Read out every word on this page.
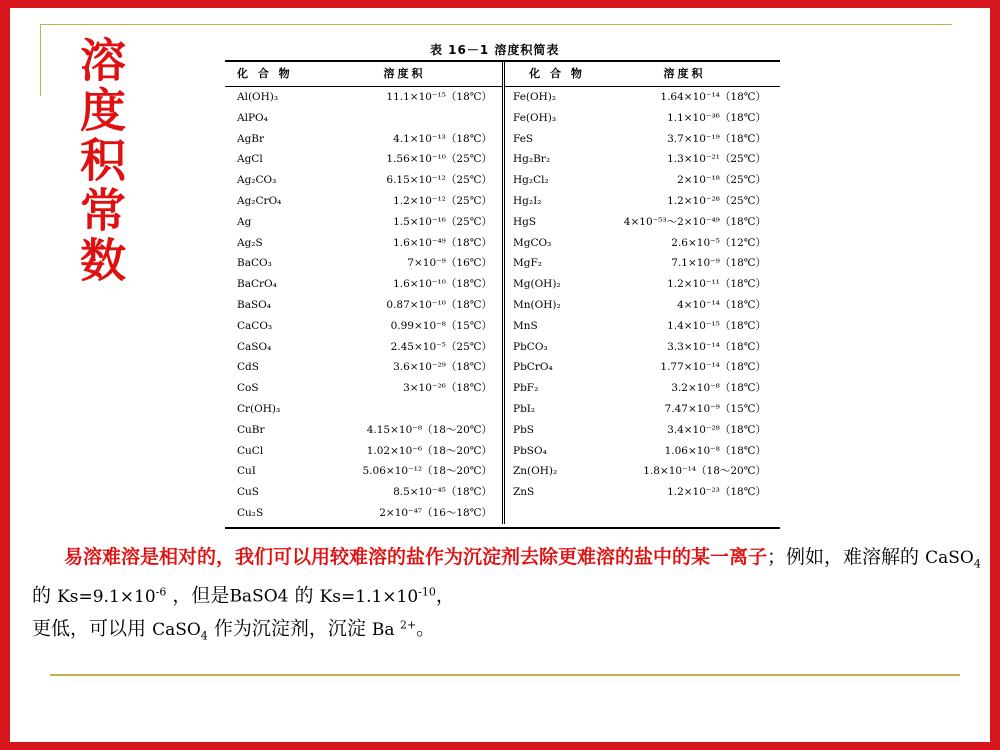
溶度积常数	表 16－1 溶度积简表
化 合 物	溶度积	化 合 物	溶度积
Al(OH)₃	11.1×10⁻¹⁵（18℃）	Fe(OH)₂	1.64×10⁻¹⁴（18℃）
AlPO₄		Fe(OH)₃	1.1×10⁻³⁶（18℃）
AgBr	4.1×10⁻¹³（18℃）	FeS	3.7×10⁻¹⁹（18℃）
AgCl	1.56×10⁻¹⁰（25℃）	Hg₂Br₂	1.3×10⁻²¹（25℃）
Ag₂CO₃	6.15×10⁻¹²（25℃）	Hg₂Cl₂	2×10⁻¹⁸（25℃）
Ag₂CrO₄	1.2×10⁻¹²（25℃）	Hg₂I₂	1.2×10⁻²⁸（25℃）
Ag	1.5×10⁻¹⁶（25℃）	HgS	4×10⁻⁵³～2×10⁻⁴⁹（18℃）
Ag₂S	1.6×10⁻⁴⁹（18℃）	MgCO₃	2.6×10⁻⁵（12℃）
BaCO₃	7×10⁻⁹（16℃）	MgF₂	7.1×10⁻⁹（18℃）
BaCrO₄	1.6×10⁻¹⁰（18℃）	Mg(OH)₂	1.2×10⁻¹¹（18℃）
BaSO₄	0.87×10⁻¹⁰（18℃）	Mn(OH)₂	4×10⁻¹⁴（18℃）
CaCO₃	0.99×10⁻⁸（15℃）	MnS	1.4×10⁻¹⁵（18℃）
CaSO₄	2.45×10⁻⁵（25℃）	PbCO₃	3.3×10⁻¹⁴（18℃）
CdS	3.6×10⁻²⁹（18℃）	PbCrO₄	1.77×10⁻¹⁴（18℃）
CoS	3×10⁻²⁶（18℃）	PbF₂	3.2×10⁻⁸（18℃）
Cr(OH)₃		PbI₂	7.47×10⁻⁹（15℃）
CuBr	4.15×10⁻⁸（18～20℃）	PbS	3.4×10⁻²⁸（18℃）
CuCl	1.02×10⁻⁶（18～20℃）	PbSO₄	1.06×10⁻⁸（18℃）
CuI	5.06×10⁻¹²（18～20℃）	Zn(OH)₂	1.8×10⁻¹⁴（18～20℃）
CuS	8.5×10⁻⁴⁵（18℃）	ZnS	1.2×10⁻²³（18℃）
Cu₂S	2×10⁻⁴⁷（16～18℃）		
易溶难溶是相对的，我们可以用较难溶的盐作为沉淀剂去除更难溶的盐中的某一离子；例如，难溶解的 CaSO$_4$ 的 $Ks=9.1\times 10^{-6}$ ，但是BaSO4 的 $Ks=1.1\times 10^{-10}$，
更低，可以用 CaSO$_4$ 作为沉淀剂，沉淀 Ba $^{2+}$。
